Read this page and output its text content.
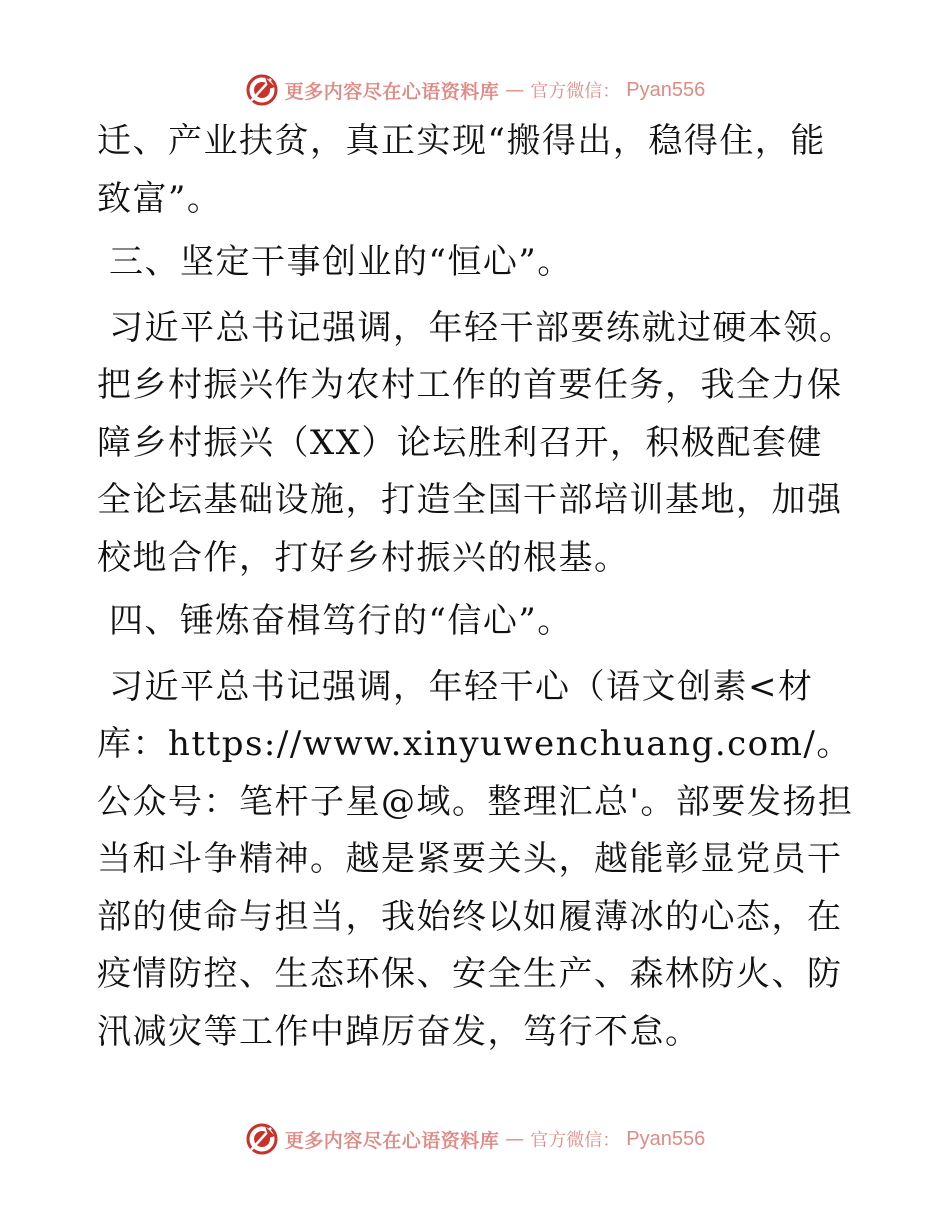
更多内容尽在心语资料库 — 官方微信： Pyan556

迁、产业扶贫，真正实现“搬得出，稳得住，能致富”。

三、坚定干事创业的“恒心”。

习近平总书记强调，年轻干部要练就过硬本领。把乡村振兴作为农村工作的首要任务，我全力保障乡村振兴（XX）论坛胜利召开，积极配套健全论坛基础设施，打造全国干部培训基地，加强校地合作，打好乡村振兴的根基。

四、锤炼奋楫笃行的“信心”。

习近平总书记强调，年轻干心（语文创素<材库：https://www.xinyuwenchuang.com/。公众号：笔杆子星@域。整理汇总'。部要发扬担当和斗争精神。越是紧要关头，越能彰显党员干部的使命与担当，我始终以如履薄冰的心态，在疫情防控、生态环保、安全生产、森林防火、防汛减灾等工作中踔厉奋发，笃行不怠。

更多内容尽在心语资料库 — 官方微信： Pyan556
